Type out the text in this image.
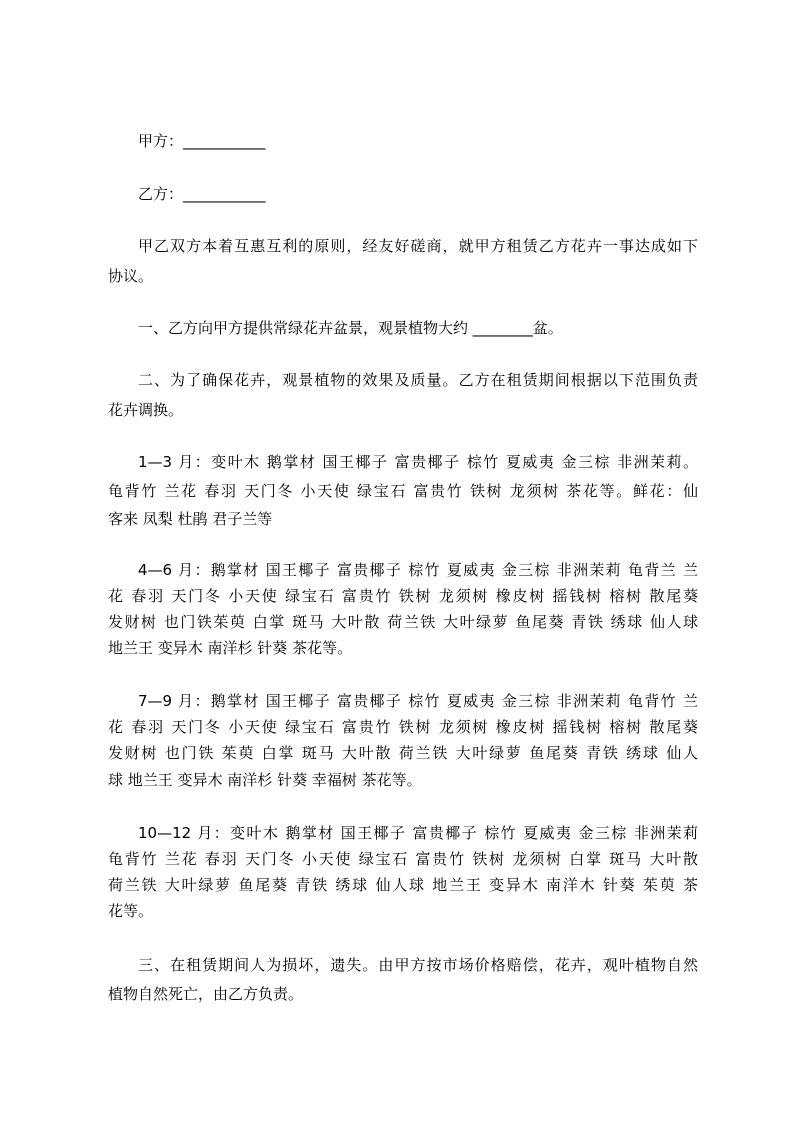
甲方：___________
乙方：___________
甲乙双方本着互惠互利的原则，经友好磋商，就甲方租赁乙方花卉一事达成如下
协议。
一、乙方向甲方提供常绿花卉盆景，观景植物大约 ________盆。
二、为了确保花卉，观景植物的效果及质量。乙方在租赁期间根据以下范围负责
花卉调换。
1—3 月：变叶木 鹅掌材 国王椰子 富贵椰子 棕竹 夏威夷 金三棕 非洲茉莉。
龟背竹 兰花 春羽 天门冬 小天使 绿宝石 富贵竹 铁树 龙须树 茶花等。鲜花：仙
客来 凤梨 杜鹃 君子兰等
4—6 月：鹅掌材 国王椰子 富贵椰子 棕竹 夏威夷 金三棕 非洲茉莉 龟背兰 兰
花 春羽 天门冬 小天使 绿宝石 富贵竹 铁树 龙须树 橡皮树 摇钱树 榕树 散尾葵
发财树 也门铁茱萸 白掌 斑马 大叶散 荷兰铁 大叶绿萝 鱼尾葵 青铁 绣球 仙人球
地兰王 变异木 南洋杉 针葵 茶花等。
7—9 月：鹅掌材 国王椰子 富贵椰子 棕竹 夏威夷 金三棕 非洲茉莉 龟背竹 兰
花 春羽 天门冬 小天使 绿宝石 富贵竹 铁树 龙须树 橡皮树 摇钱树 榕树 散尾葵
发财树 也门铁 茱萸 白掌 斑马 大叶散 荷兰铁 大叶绿萝 鱼尾葵 青铁 绣球 仙人
球 地兰王 变异木 南洋杉 针葵 幸福树 茶花等。
10—12 月：变叶木 鹅掌材 国王椰子 富贵椰子 棕竹 夏威夷 金三棕 非洲茉莉
龟背竹 兰花 春羽 天门冬 小天使 绿宝石 富贵竹 铁树 龙须树 白掌 斑马 大叶散
荷兰铁 大叶绿萝 鱼尾葵 青铁 绣球 仙人球 地兰王 变异木 南洋木 针葵 茱萸 茶
花等。
三、在租赁期间人为损坏，遗失。由甲方按市场价格赔偿，花卉，观叶植物自然
植物自然死亡，由乙方负责。
